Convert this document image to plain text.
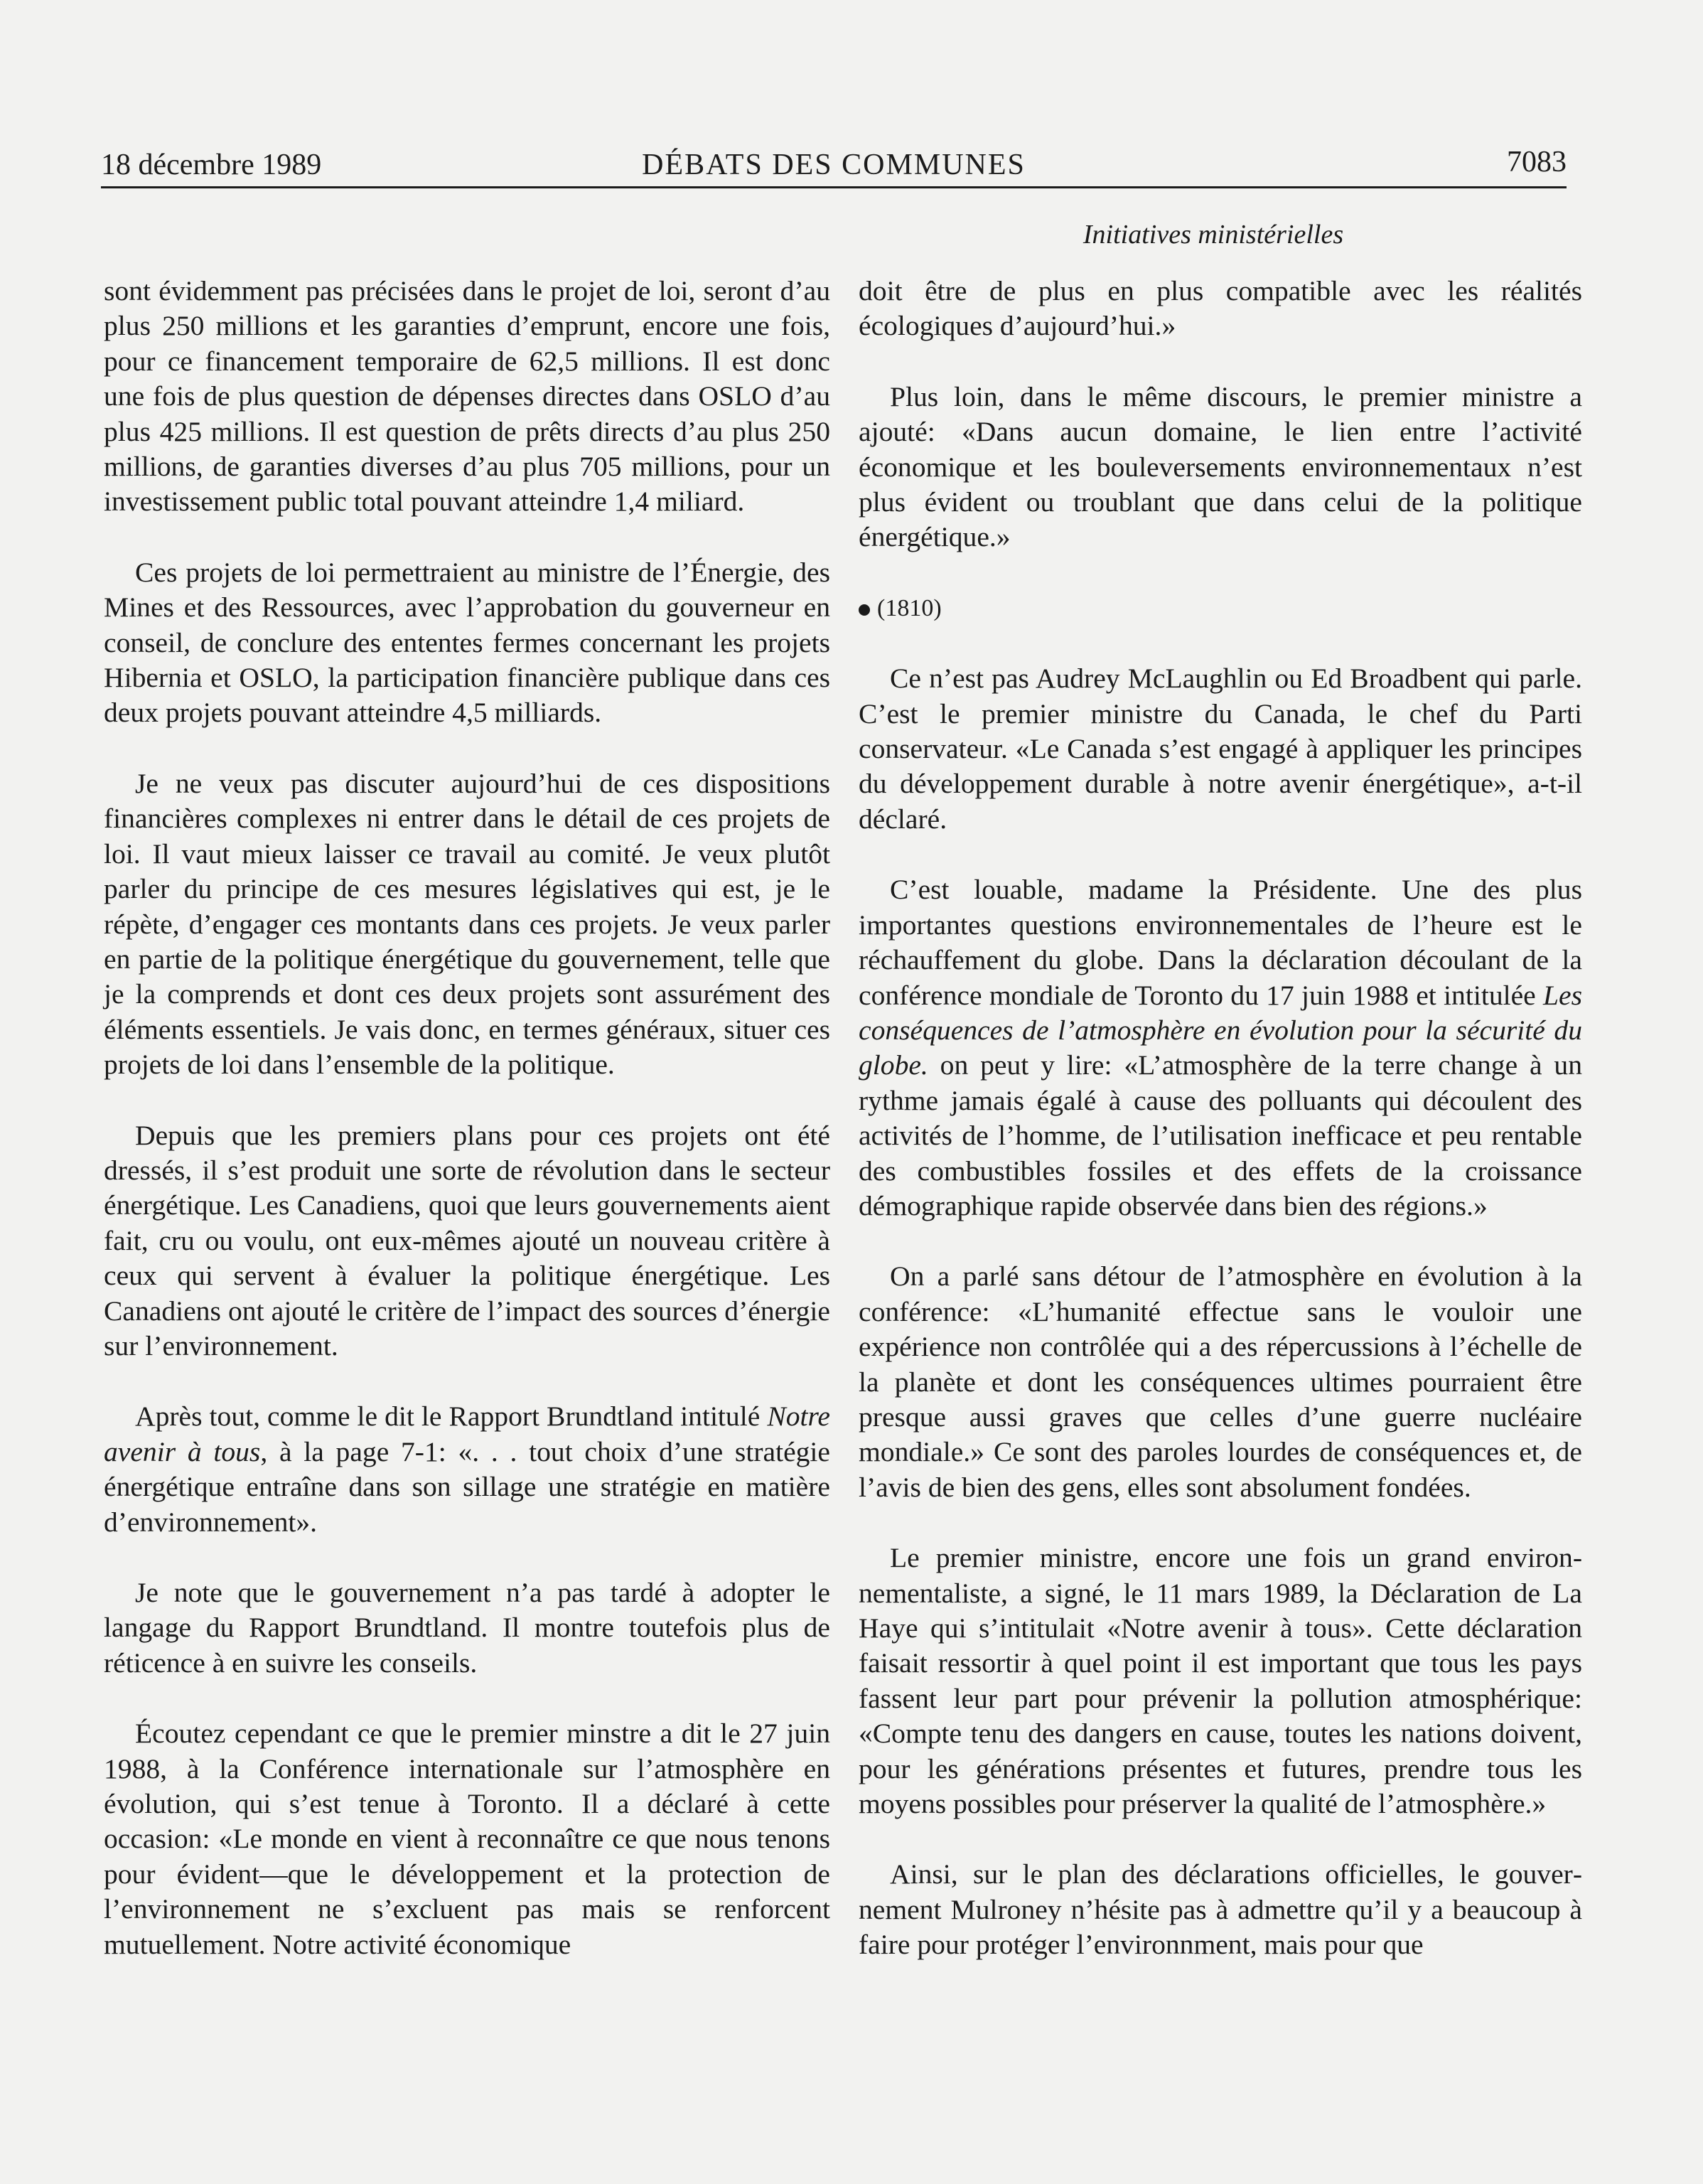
18 décembre 1989	DÉBATS DES COMMUNES	7083
Initiatives ministérielles

sont évidemment pas précisées dans le projet de loi, seront d’au plus 250 millions et les garanties d’emprunt, encore une fois, pour ce financement temporaire de 62,5 millions. Il est donc une fois de plus question de dépenses directes dans OSLO d’au plus 425 millions. Il est question de prêts directs d’au plus 250 millions, de garanties diverses d’au plus 705 millions, pour un investissement public total pouvant atteindre 1,4 miliard.

Ces projets de loi permettraient au ministre de l’Énergie, des Mines et des Ressources, avec l’approbation du gouverneur en conseil, de conclure des ententes fermes concernant les projets Hibernia et OSLO, la participation financière publique dans ces deux projets pouvant atteindre 4,5 milliards.

Je ne veux pas discuter aujourd’hui de ces dispositions financières complexes ni entrer dans le détail de ces projets de loi. Il vaut mieux laisser ce travail au comité. Je veux plutôt parler du principe de ces mesures législatives qui est, je le répète, d’engager ces montants dans ces projets. Je veux parler en partie de la politique énergétique du gouvernement, telle que je la comprends et dont ces deux projets sont assurément des éléments essentiels. Je vais donc, en termes généraux, situer ces projets de loi dans l’ensemble de la politique.

Depuis que les premiers plans pour ces projets ont été dressés, il s’est produit une sorte de révolution dans le secteur énergétique. Les Canadiens, quoi que leurs gouvernements aient fait, cru ou voulu, ont eux-mêmes ajouté un nouveau critère à ceux qui servent à évaluer la politique énergétique. Les Canadiens ont ajouté le critère de l’impact des sources d’énergie sur l’environnement.

Après tout, comme le dit le Rapport Brundtland intitulé Notre avenir à tous, à la page 7-1: «. . . tout choix d’une stratégie énergétique entraîne dans son sillage une stratégie en matière d’environnement».

Je note que le gouvernement n’a pas tardé à adopter le langage du Rapport Brundtland. Il montre toutefois plus de réticence à en suivre les conseils.

Écoutez cependant ce que le premier minstre a dit le 27 juin 1988, à la Conférence internationale sur l’atmosphère en évolution, qui s’est tenue à Toronto. Il a déclaré à cette occasion: «Le monde en vient à reconnaître ce que nous tenons pour évident—que le développement et la protection de l’environnement ne s’excluent pas mais se renforcent mutuellement. Notre activité économique

doit être de plus en plus compatible avec les réalités écologiques d’aujourd’hui.»

Plus loin, dans le même discours, le premier ministre a ajouté: «Dans aucun domaine, le lien entre l’activité économique et les bouleversements environnementaux n’est plus évident ou troublant que dans celui de la politique énergétique.»

(1810)

Ce n’est pas Audrey McLaughlin ou Ed Broadbent qui parle. C’est le premier ministre du Canada, le chef du Parti conservateur. «Le Canada s’est engagé à appliquer les principes du développement durable à notre avenir énergétique», a-t-il déclaré.

C’est louable, madame la Présidente. Une des plus importantes questions environnementales de l’heure est le réchauffement du globe. Dans la déclaration découlant de la conférence mondiale de Toronto du 17 juin 1988 et intitulée Les conséquences de l’atmosphère en évolution pour la sécurité du globe. on peut y lire: «L’atmosphère de la terre change à un rythme jamais égalé à cause des polluants qui découlent des activités de l’homme, de l’utilisation inefficace et peu rentable des combustibles fossiles et des effets de la croissance démographique rapide observée dans bien des régions.»

On a parlé sans détour de l’atmosphère en évolution à la conférence: «L’humanité effectue sans le vouloir une expérience non contrôlée qui a des répercussions à l’échelle de la planète et dont les conséquences ultimes pourraient être presque aussi graves que celles d’une guerre nucléaire mondiale.» Ce sont des paroles lourdes de conséquences et, de l’avis de bien des gens, elles sont absolument fondées.

Le premier ministre, encore une fois un grand environnementaliste, a signé, le 11 mars 1989, la Déclaration de La Haye qui s’intitulait «Notre avenir à tous». Cette déclaration faisait ressortir à quel point il est important que tous les pays fassent leur part pour prévenir la pollution atmosphérique: «Compte tenu des dangers en cause, toutes les nations doivent, pour les générations présentes et futures, prendre tous les moyens possibles pour préserver la qualité de l’atmosphère.»

Ainsi, sur le plan des déclarations officielles, le gouvernement Mulroney n’hésite pas à admettre qu’il y a beaucoup à faire pour protéger l’environnment, mais pour que
